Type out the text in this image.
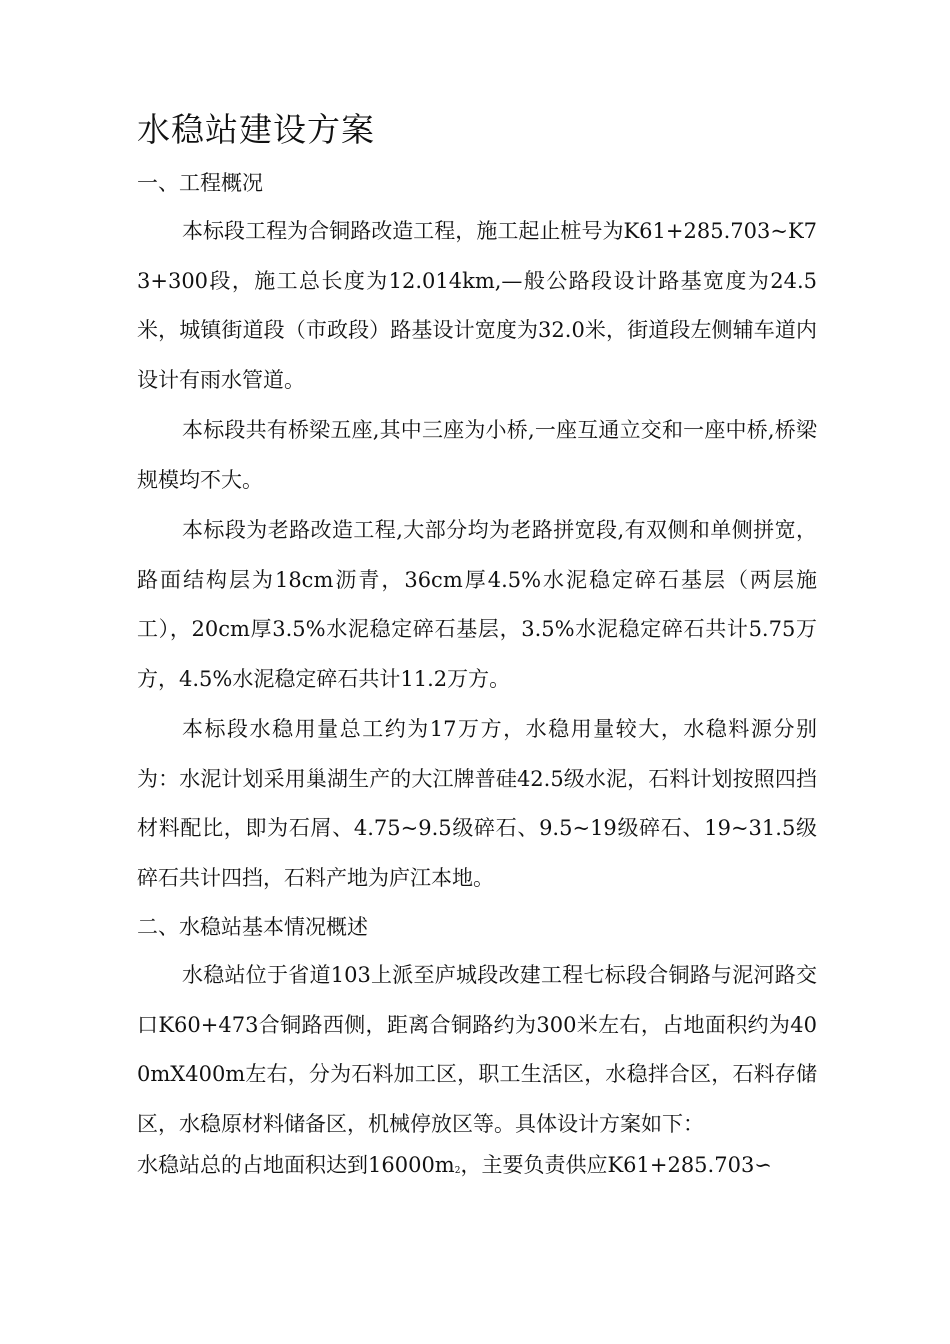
水稳站建设方案
一、工程概况

本标段工程为合铜路改造工程，施工起止桩号为K61+285.703~K73+300段，施工总长度为12.014km,—般公路段设计路基宽度为24.5米，城镇街道段（市政段）路基设计宽度为32.0米，街道段左侧辅车道内设计有雨水管道。

本标段共有桥梁五座,其中三座为小桥,一座互通立交和一座中桥,桥梁规模均不大。

本标段为老路改造工程,大部分均为老路拼宽段,有双侧和单侧拼宽，路面结构层为18cm沥青，36cm厚4.5%水泥稳定碎石基层（两层施工），20cm厚3.5%水泥稳定碎石基层，3.5%水泥稳定碎石共计5.75万方，4.5%水泥稳定碎石共计11.2万方。

本标段水稳用量总工约为17万方，水稳用量较大，水稳料源分别为：水泥计划采用巢湖生产的大江牌普硅42.5级水泥，石料计划按照四挡材料配比，即为石屑、4.75~9.5级碎石、9.5~19级碎石、19~31.5级碎石共计四挡，石料产地为庐江本地。

二、水稳站基本情况概述

水稳站位于省道103上派至庐城段改建工程七标段合铜路与泥河路交口K60+473合铜路西侧，距离合铜路约为300米左右，占地面积约为400mX400m左右，分为石料加工区，职工生活区，水稳拌合区，石料存储区，水稳原材料储备区，机械停放区等。具体设计方案如下：

水稳站总的占地面积达到16000m2，主要负责供应K61+285.703∽
